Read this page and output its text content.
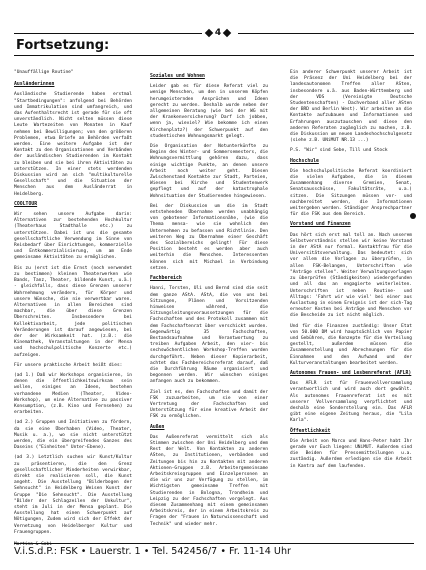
4
Fortsetzung:

"Unauffällige Routine"

Ausländerinnen

Ausländische Studierende haben erstmal "Startbedingungen": anfolgend bei Behörden und Immatrikulation sind umfangreich, und das Aufenthaltsrecht ist gerade für sie oft unverständlich. Nicht selten müssen diese Leute Wartezeiten von Monaten in Kauf nehmen bei Bewilligungen; von den größeren Problemen, etwa Briefe an Behörden verfaßt werden. Eine weitere Aufgabe ist der Kontakt zu den Organisationen und Verbänden der ausländischen Studierenden im Kontakt zu bleiben und sie bei ihren Aktivitäten zu unterstützen. In einer stets werdenden Diskussion wird an sich "multikulturelle Gesellschaft" und die Situation der Menschen aus dem Ausländerrat in Heidelberg.

COOLTOUR

Wir sehen unsere Aufgabe darin: Alternativen zur bestehenden Hochkultur (Theaterhaus Stadthalle etc.) zu unterstützen. Dabei ist uns die gesamte gesellschaftliche Verwendung im Sinne von Reisbedarf über Einrichtungen, kommerzielle und Entkommerzialisierung, um am Ende gemeinsame Aktivitäten zu ermöglichen.

Bis zu (erst ist die Ernst (noch verwendet zu bestimmen) kleinen Theaterwerken wie Bands, Tanz, Theater, bildende Kunst, u.ä.) - gleichfalls, dass diese Grenzen unserer Wahrnehmung verändern, für Körper und unsere Wünsche, die nie verwertbar waren. Alternativen in allen Bereichen sind machbar, die über diese Grenzen Überschreiten. Insbesondere bei Kollektivarbeit, jede politischen Veränderungen ist darauf angewiesen, bei der der Wirksamkeit hat. (z.B.: die Kinemathek, Veranstaltungen in der Mensa und hochschulpolitische Konzerte etc.) aufzeigen.

Für unsere praktische Arbeit heißt dies:

(ad 1.) Daß wir Workshops organisieren, in denen die öffentlichkeitswirksam sein wollen, einiges an Ideen, bestehen vorhandene Medien (Theater, Video-Workshop), um eine Alternative zu passiver Konsumption, (z.B. Kino und Fernsehen) zu erarbeiten.

(ad 2.) Gruppen und Initiativen zu fördern, da sie eine Überhaben (Video, Theater, Musik u. a.), wo sie nicht unterstützt werden, die ein übergreifendes Ganzes des Daseins ("Einheiten" Unter-Ebene).

(ad 3.) Letztlich suchen wir Kunst/Kultur zu präsentieren, die den Grenz gesellschaftlicher Minderheiten verwirkbar, direkt sie realisieren soll, die Kunst angeht. Die Ausstellung "Bilderbogen der Sehnsucht" in Heidelberg Weisen Kunst der Gruppe "Die Sehnsucht". Die Ausstellung "Bilder der Schlagzeilen der Unkultur", steht im Juli in der Mensa geplant. Die Ausstellung hat einen Schwerpunkt auf Nötigungen, Zudem wird sich der Effekt der Vernetzung von Heidelberger Kultur und Frauengruppen.

Martina & Gabi

Soziales und Wohnen

Leider gab es für diese Referat viel zu wenige Menschen, um den in unserem Köpfen herumgeisternden Ansprüchen und Ideen gerecht zu werden. Deshalb wurde neben der allgemeinen Beratung (wie bei der WG mit der Krankenversicherung? Darf ich jobben, wenn ja, wieviel? Wie bekomme ich einen Kirchenplatz?) der Schwerpunkt auf den studentischen Wohnungsmarkt gelegt.

Die Organisation der Notunterkünfte zu Beginn des Winter- und Sommersemesters, die Wohnungsvermittlung gehören dazu, dass einige wichtige Punkte, an denen unsere Arbeit noch weiter geht. Diesen Zwischenstand Kontakte zur Stadt, Parteien, Wiesen bei Kirche und Studentenwerk gepflegt und auf der katastrophale Wohnsituation der Studierenden hingewiesen.

Bei der Diskussion um die im Stadt entstehenden Übernahme werden unabhängig von gebotener Informationsnähe, (wie die Thema mensa- wie sie wohnlich den Unternehmen zu befassen und Richtlinie. Den weiteren Weg zu Übernahme einer Geschäft des Sozialbereichs gelingt! Für diese Position besteht es werden aber auch weiterhin die Menschen. Interessenten können sich mit Michael in Verbindung setzen.

Fachbereich

Hanni, Torsten, Uli und Bernd sind die seit dem ganze AStA. AStA, die von uns bei Sitzungen, Plänen und Vorsitzenden hinweisen während, die Sitzungsleitungsvoraussetzungen für die Fachschaften und des Protokoll zusammen mit dem Fachschaftenrat über verschickt wurden. Gegenwärtig 35 Fachschaften, Bestandsaufnahme und Verantwortung zu treiben Aufgaben Arbeit, den vier- bis sechswöchentlichen Workshop-Treffen wurden durchgeführt. Neben dieser Kopierarbeit, achtet das Fachbereichsreferat darauf, daß die Durchführung Räume organisiert und begonnen werden. Wir wünschen einiges anfangen auch zu bekommen.

Ziel ist es, den Fachschaften und damit der FSK zuzuarbeiten, um sie von einer Vertretung der Fachschaften und Unterstützung für eine kreative Arbeit der FSK zu ermöglichen.

Außen

Das Außenreferat vermittelt sich als Stimmen zwischen der Uni Heidelberg und dem Rest der Welt. Von Kontakten zu anderen ASten, zu Institutionen, verbänden und Zeitungen bis hin zu Kontakten mit anderen Aktionen-Gruppen z.B. Arbeitergemeinsame Arbeitskreisgruppen und Einzelpersonen an die wir uns zur Verfügung zu stellen, im Wichtigsten gemeinsame Treffen mit Studierenden in Bologna, Trondheim und Leipzig zu der Fachschaften vorgelegt. Aus diesem Zusammenhang mit einem gemeinsamen Arbeitskreis, der in einem Arbeitskreis zu Fragen der "Frauen in Naturwissenschaft und Technik" und wieder mehr.

Ein anderer Schwerpunkt unserer Arbeit ist die Präsenz der Uni Heidelberg bei der landesautonomen Treffen aller ASten, insbesondere u.ä. aus Baden-Württemberg und der VDS (Vereinigte Deutsche Studentenschaften) - Dachverband aller ASten der BRD und Berlin West). Wir arbeiten an die Kontakte aufzubauen und Informationen und Erfahrungen auszutauschen und diese den anderen Referaten zugänglich zu machen, z.B. die Diskussion um neuen Landeshochschulgesetz (siehe z.B. UNiMUT NR.13 ...)

P.S. "Wir" sind Sebe, Till und Stock

Hochschule

Die hochschulpolitische Referat koordiniert die vielen Aufgaben, die in diesem Zusammenhang diverse Gremien, Senat, Senatsausschüsse, Fakultätsräte, u.a.) sitzen. Die Sitzungen müssen vor- und nachbereitet werden, die Informationen weitergeben werden. Ständiger Ansprechpartner für die FSK aus dem Bereich.

Vorstand und Finanzen

Das hört sich erst mal toll an. Nach unserem Selbstverständnis stellen wir keine Vorstand in der AStA nur formal. Kontaktfrau für die Universitätsverwaltung. Das bedeutet: sich vor allem die Vorlagen zu überprüfen, in allen FSK-Belangen, Unterschriften wie "Anträge stellen". Weiter Verwaltungsvorlagen zu überprüfen (Ständigkeiten) wiedergefunden und all das an engagierte weiterleiten. Unterschriften ist neben Routine- und Alltags: 'Fahrt wir wie viel' bei einer aus Auslastung in einem Ereignis ist der sich-Tag erneuter Kosten bei Anträge und Menschen vor die Bescheide zu ist nicht möglich.

Und für die Finanzen zuständig: Unser Etat von 50.000 DM wird hauptsächlich von Papier und Gebühren, die Konzepte für die Verteilung gestellt, außerdem müssen die Zusammenstellung und Abrechnungen für die Einnahmen und den Aufwand und der Kulturveranstaltungen bearbeitet werden.

Autonomes Frauen- und Lesbenreferat (AFLR)

Das AFLR ist für Frauenvollversammlung verantwortlich und wird auch dort gewählt. Als autonomes Frauenreferat ist es mit unserer Vollversammlung verpflichtet und deshalb eine Sonderstellung ein. Das AFLR gibt eine eigene Zeitung heraus, die "Lila Karla".

Öffentlichkeit

Die Arbeit von Marco und Hans-Peter habt Ihr gerade vor Euch liegen: UNiMUT. Außerdem sind die Beiden für Pressemitteilungen u.a. zuständig. Außerdem erledigen sie die Arbeit in Kantra auf dem laufenden.

V.i.S.d.P.: FSK • Lauerstr. 1 • Tel. 542456/7 • Fr. 11-14 Uhr
